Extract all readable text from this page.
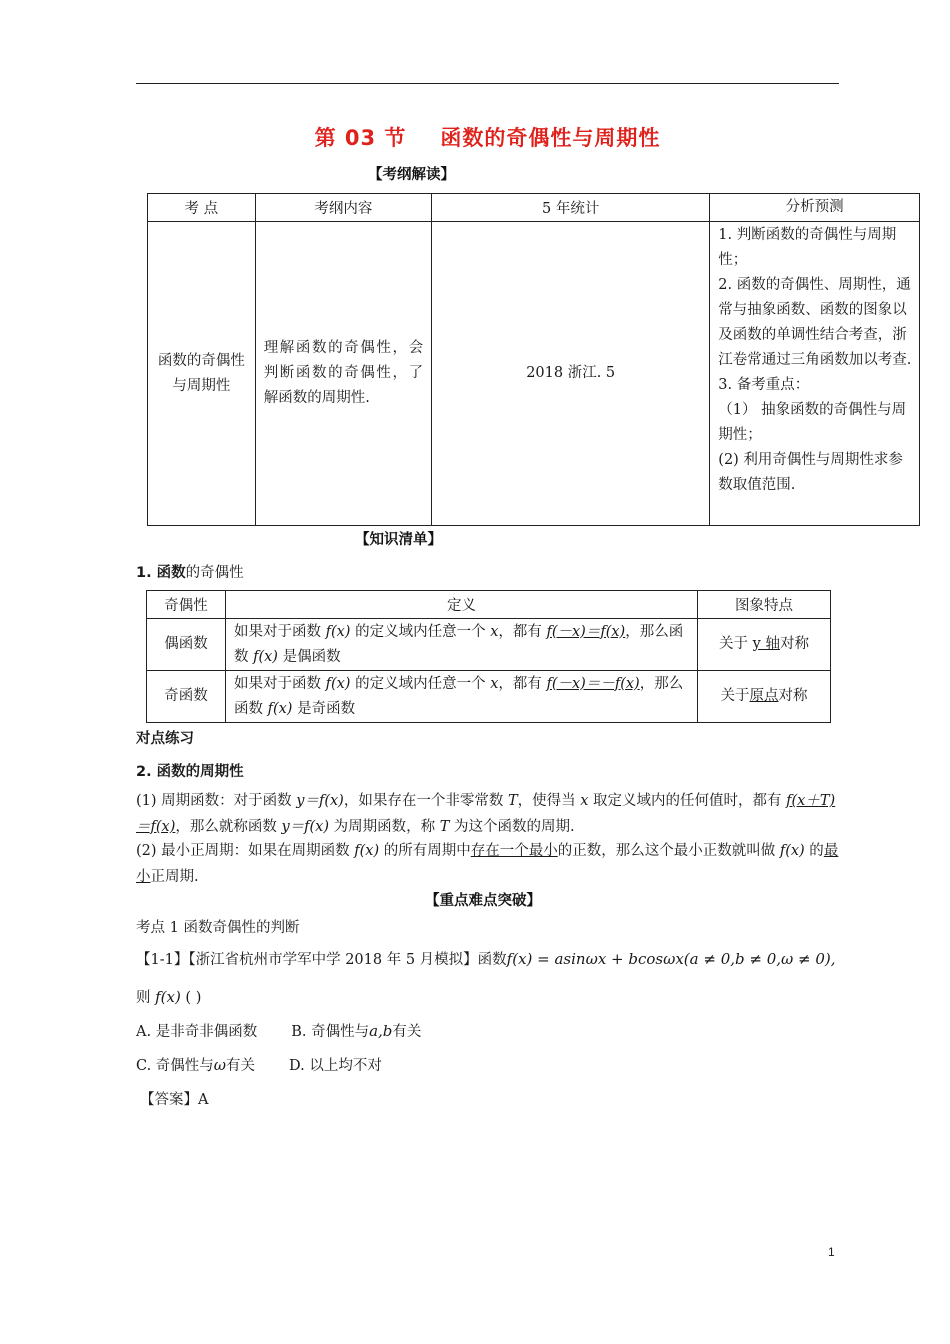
第 03 节 函数的奇偶性与周期性
【考纲解读】
考 点	考纲内容	5 年统计	分析预测
函数的奇偶性与周期性	理解函数的奇偶性，会判断函数的奇偶性，了解函数的周期性.	2018 浙江. 5	1. 判断函数的奇偶性与周期性；
2. 函数的奇偶性、周期性，通常与抽象函数、函数的图象以及函数的单调性结合考查，浙江卷常通过三角函数加以考查.
3. 备考重点：
（1） 抽象函数的奇偶性与周期性；
(2) 利用奇偶性与周期性求参数取值范围.
【知识清单】
1. 函数的奇偶性
奇偶性	定义	图象特点
偶函数	如果对于函数 f(x) 的定义域内任意一个 x，都有 f(－x)＝f(x)，那么函数 f(x) 是偶函数	关于 y 轴对称
奇函数	如果对于函数 f(x) 的定义域内任意一个 x，都有 f(－x)＝－f(x)，那么函数 f(x) 是奇函数	关于原点对称
对点练习
2. 函数的周期性
(1) 周期函数：对于函数 y＝f(x)，如果存在一个非零常数 T，使得当 x 取定义域内的任何值时，都有 f(x＋T)＝f(x)，那么就称函数 y＝f(x) 为周期函数，称 T 为这个函数的周期.
(2) 最小正周期：如果在周期函数 f(x) 的所有周期中存在一个最小的正数，那么这个最小正数就叫做 f(x) 的最小正周期.
【重点难点突破】
考点 1 函数奇偶性的判断
【1-1】【浙江省杭州市学军中学 2018 年 5 月模拟】函数f(x) = asinωx + bcosωx(a ≠ 0,b ≠ 0,ω ≠ 0),
则 f(x) ( )
A. 是非奇非偶函数 B. 奇偶性与a,b有关
C. 奇偶性与ω有关 D. 以上均不对
【答案】A
1
